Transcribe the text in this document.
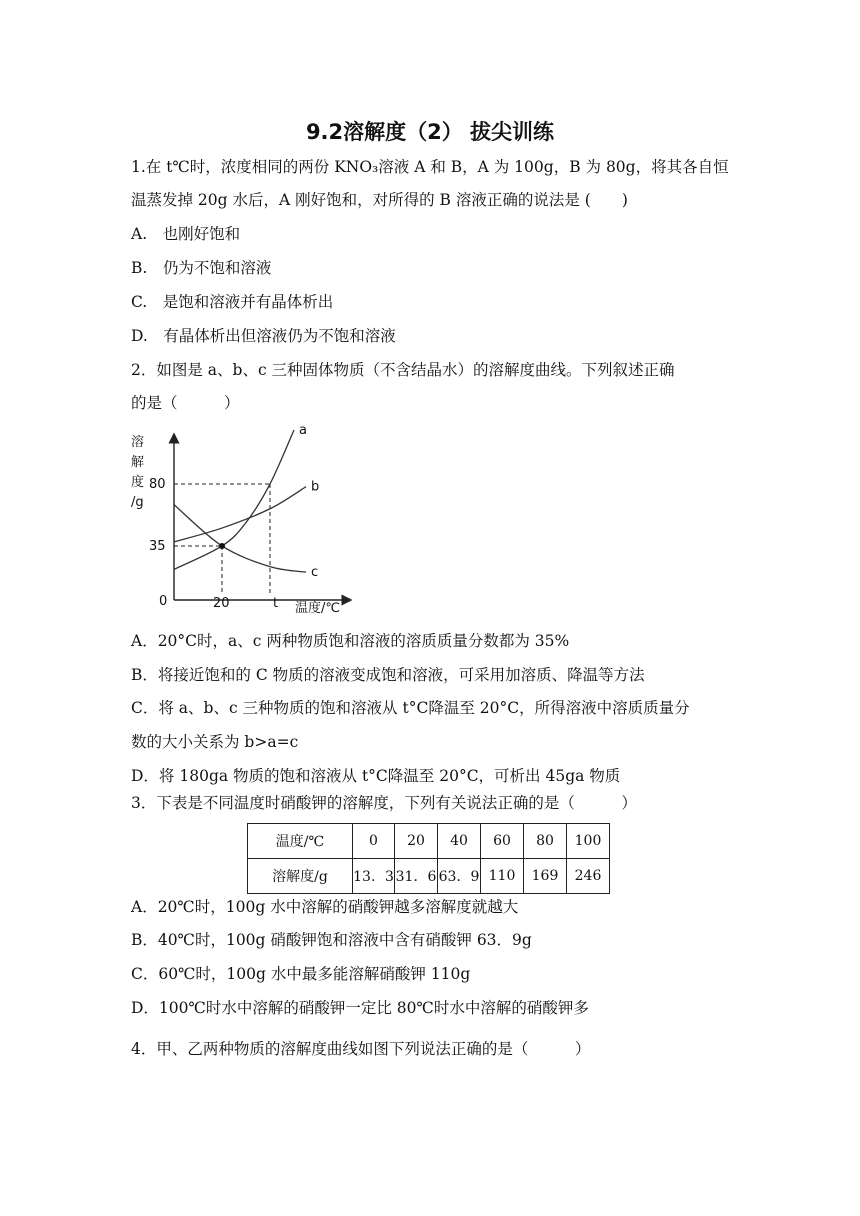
9.2溶解度（2） 拔尖训练
1.在 t℃时，浓度相同的两份 KNO₃溶液 A 和 B，A 为 100g，B 为 80g，将其各自恒
温蒸发掉 20g 水后，A 刚好饱和，对所得的 B 溶液正确的说法是 (　　)
A.　也刚好饱和
B.　仍为不饱和溶液
C.　是饱和溶液并有晶体析出
D.　有晶体析出但溶液仍为不饱和溶液
2．如图是 a、b、c 三种固体物质（不含结晶水）的溶解度曲线。下列叙述正确
的是（　　　）
a
b
c
溶
解
度
/g
0	20	t
35
80
温度/℃
A．20°C时，a、c 两种物质饱和溶液的溶质质量分数都为 35%
B．将接近饱和的 C 物质的溶液变成饱和溶液，可采用加溶质、降温等方法
C．将 a、b、c 三种物质的饱和溶液从 t°C降温至 20°C，所得溶液中溶质质量分
数的大小关系为 b>a=c
D．将 180ga 物质的饱和溶液从 t°C降温至 20°C，可析出 45ga 物质
3．下表是不同温度时硝酸钾的溶解度，下列有关说法正确的是（　　　）
温度/℃	0	20	40	60	80	100
溶解度/g	13．3	31．6	63．9	110	169	246
A．20℃时，100g 水中溶解的硝酸钾越多溶解度就越大
B．40℃时，100g 硝酸钾饱和溶液中含有硝酸钾 63．9g
C．60℃时，100g 水中最多能溶解硝酸钾 110g
D．100℃时水中溶解的硝酸钾一定比 80℃时水中溶解的硝酸钾多
4．甲、乙两种物质的溶解度曲线如图下列说法正确的是（　　　）
